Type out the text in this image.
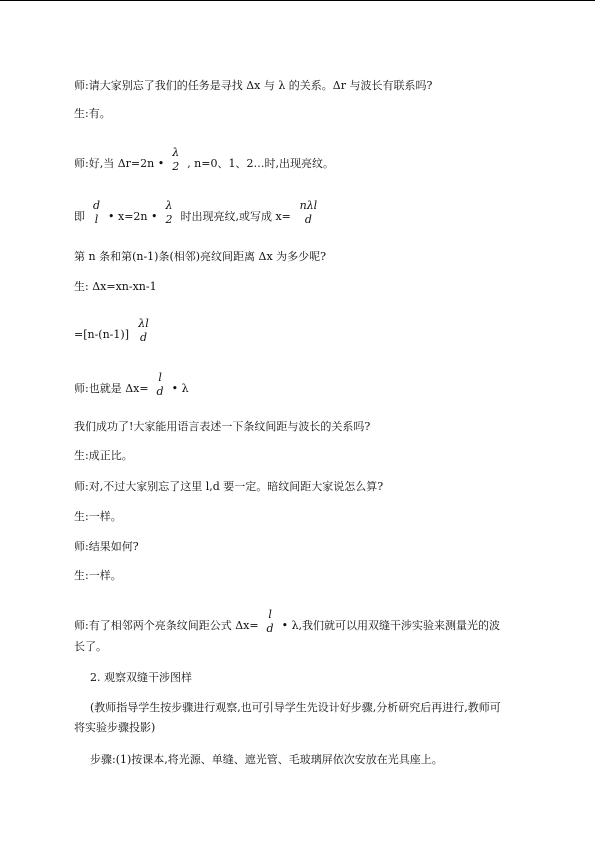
师:请大家别忘了我们的任务是寻找 Δx 与 λ 的关系。Δr 与波长有联系吗?
生:有。
师:好,当 Δr=2n •
λ
2 , n=0、1、2…时,出现亮纹。
即
d
l • x=2n •
λ
2 时出现亮纹,或写成 x=
nλl
d
第 n 条和第(n-1)条(相邻)亮纹间距离 Δx 为多少呢?
生: Δx=xn-xn-1
=[n-(n-1)]
λl
d
师:也就是 Δx=
l
d • λ
我们成功了!大家能用语言表述一下条纹间距与波长的关系吗?
生:成正比。
师:对,不过大家别忘了这里 l,d 要一定。暗纹间距大家说怎么算?
生:一样。
师:结果如何?
生:一样。
师:有了相邻两个亮条纹间距公式 Δx=
l
d • λ,我们就可以用双缝干涉实验来测量光的波
长了。
2. 观察双缝干涉图样
(教师指导学生按步骤进行观察,也可引导学生先设计好步骤,分析研究后再进行,教师可
将实验步骤投影)
步骤:(1)按课本,将光源、单缝、遮光管、毛玻璃屏依次安放在光具座上。
